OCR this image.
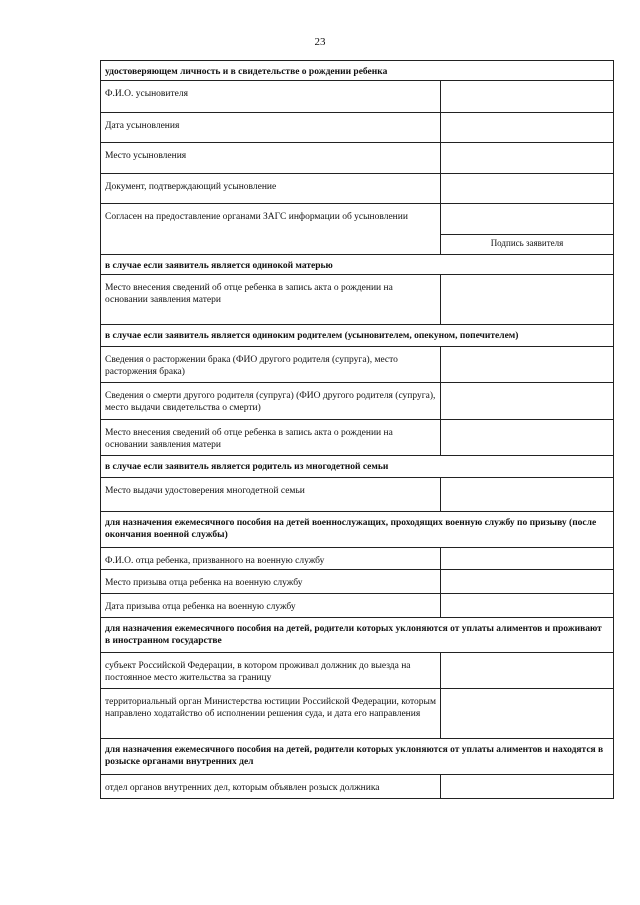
23
удостоверяющем личность и в свидетельстве о рождении ребенка	
Ф.И.О. усыновителя	
Дата усыновления	
Место усыновления	
Документ, подтверждающий усыновление	
Согласен на предоставление органами ЗАГС информации об усыновлении	Подпись заявителя

в случае если заявитель является одинокой матерью	
Место внесения сведений об отце ребенка в запись акта о рождении на основании заявления матери	
в случае если заявитель является одиноким родителем (усыновителем, опекуном, попечителем)	
Сведения о расторжении брака (ФИО другого родителя (супруга), место расторжения брака)	
Сведения о смерти другого родителя (супруга) (ФИО другого родителя (супруга), место выдачи свидетельства о смерти)	
Место внесения сведений об отце ребенка в запись акта о рождении на основании заявления матери	
в случае если заявитель является родитель из многодетной семьи	
Место выдачи удостоверения многодетной семьи	
для назначения ежемесячного пособия на детей военнослужащих, проходящих военную службу по призыву (после окончания военной службы)	
Ф.И.О. отца ребенка, призванного на военную службу	
Место призыва отца ребенка на военную службу	
Дата призыва отца ребенка на военную службу	
для назначения ежемесячного пособия на детей, родители которых уклоняются от уплаты алиментов и проживают в иностранном государстве	
субъект Российской Федерации, в котором проживал должник до выезда на постоянное место жительства за границу	
территориальный орган Министерства юстиции Российской Федерации, которым направлено ходатайство об исполнении решения суда, и дата его направления	
для назначения ежемесячного пособия на детей, родители которых уклоняются от уплаты алиментов и находятся в розыске органами внутренних дел	
отдел органов внутренних дел, которым объявлен розыск должника	
